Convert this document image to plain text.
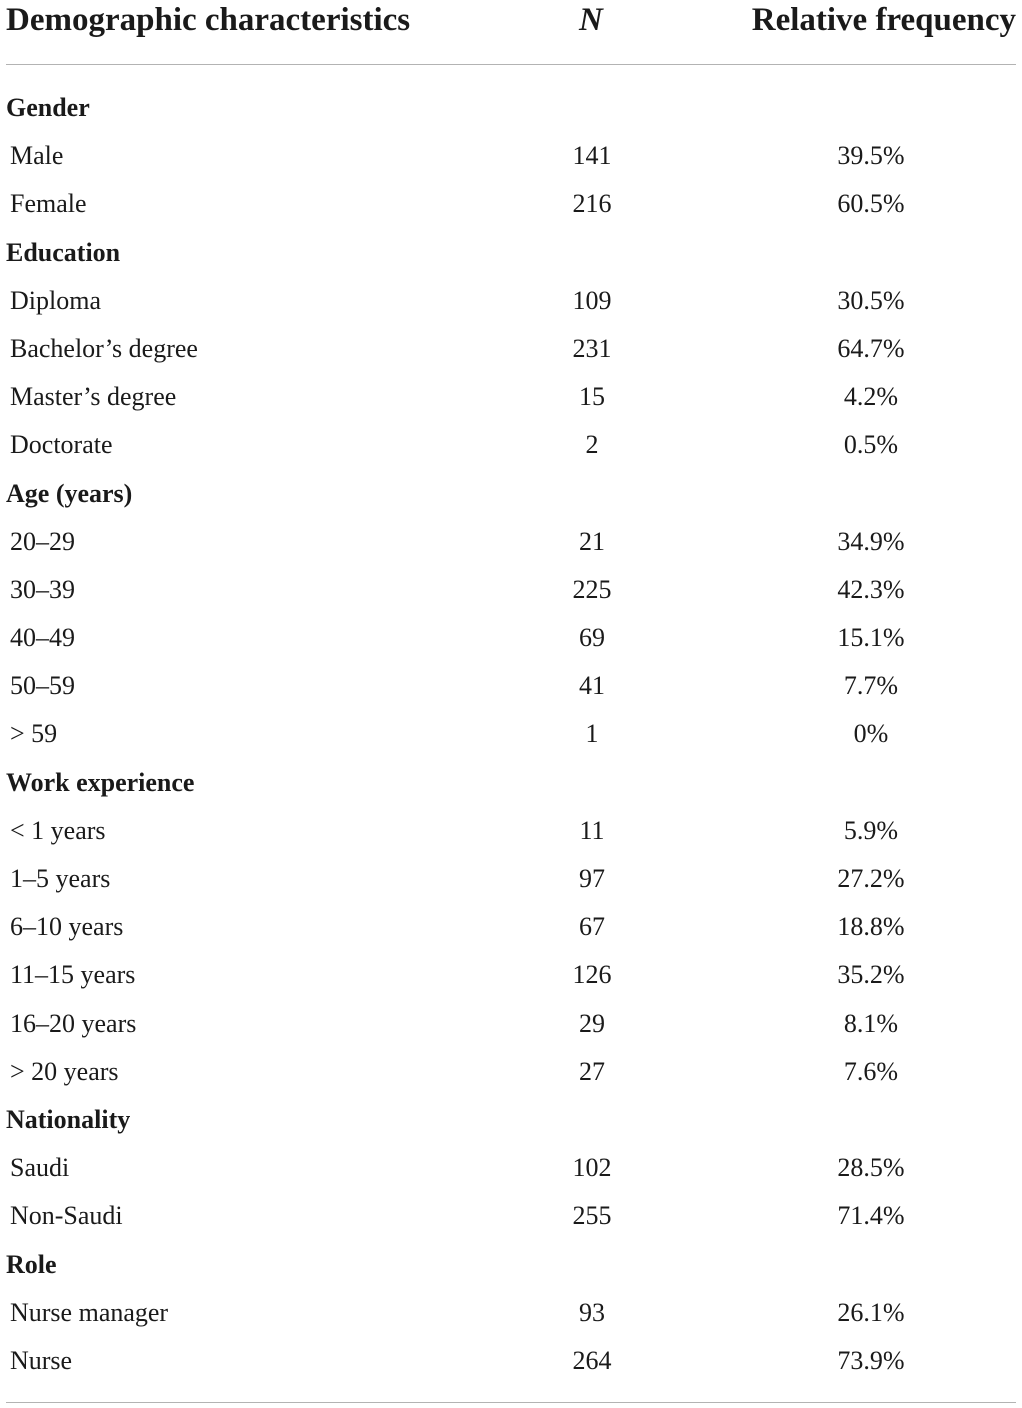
Demographic characteristics	N	Relative frequency
Gender
Male	141	39.5%
Female	216	60.5%
Education
Diploma	109	30.5%
Bachelor’s degree	231	64.7%
Master’s degree	15	4.2%
Doctorate	2	0.5%
Age (years)
20–29	21	34.9%
30–39	225	42.3%
40–49	69	15.1%
50–59	41	7.7%
> 59	1	0%
Work experience
< 1 years	11	5.9%
1–5 years	97	27.2%
6–10 years	67	18.8%
11–15 years	126	35.2%
16–20 years	29	8.1%
> 20 years	27	7.6%
Nationality
Saudi	102	28.5%
Non-Saudi	255	71.4%
Role
Nurse manager	93	26.1%
Nurse	264	73.9%
